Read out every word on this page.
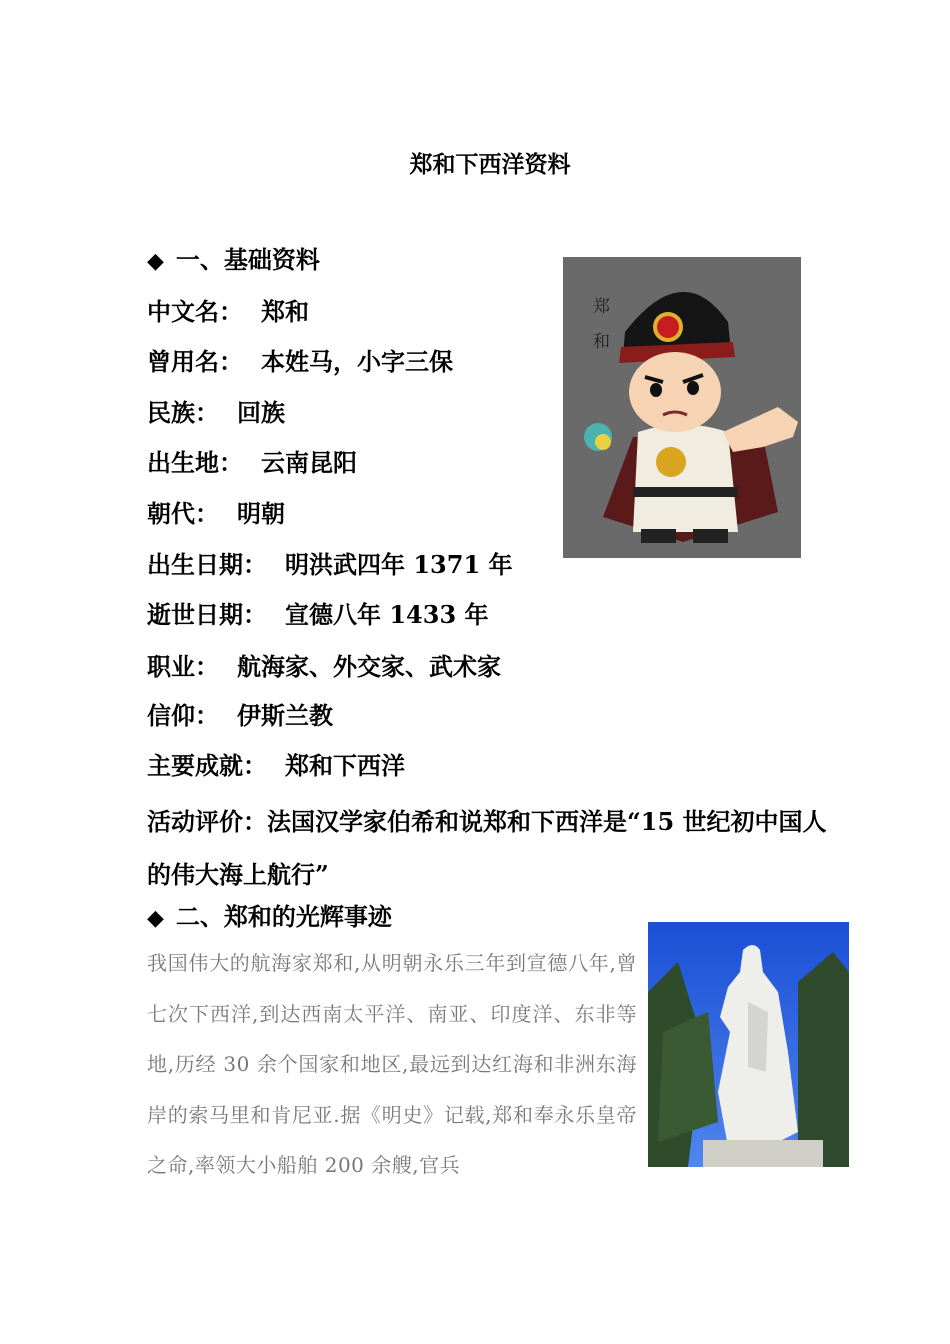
郑和下西洋资料
◆ 一、基础资料
中文名： 郑和
曾用名： 本姓马，小字三保
民族： 回族
出生地： 云南昆阳
朝代： 明朝
出生日期： 明洪武四年 1371 年
逝世日期： 宣德八年 1433 年
职业： 航海家、外交家、武术家
信仰： 伊斯兰教
主要成就： 郑和下西洋
活动评价：法国汉学家伯希和说郑和下西洋是“15 世纪初中国人的伟大海上航行”
◆ 二、郑和的光辉事迹
我国伟大的航海家郑和,从明朝永乐三年到宣德八年,曾七次下西洋,到达西南太平洋、南亚、印度洋、东非等地,历经 30 余个国家和地区,最远到达红海和非洲东海岸的索马里和肯尼亚.据《明史》记载,郑和奉永乐皇帝之命,率领大小船舶 200 余艘,官兵
郑
和
